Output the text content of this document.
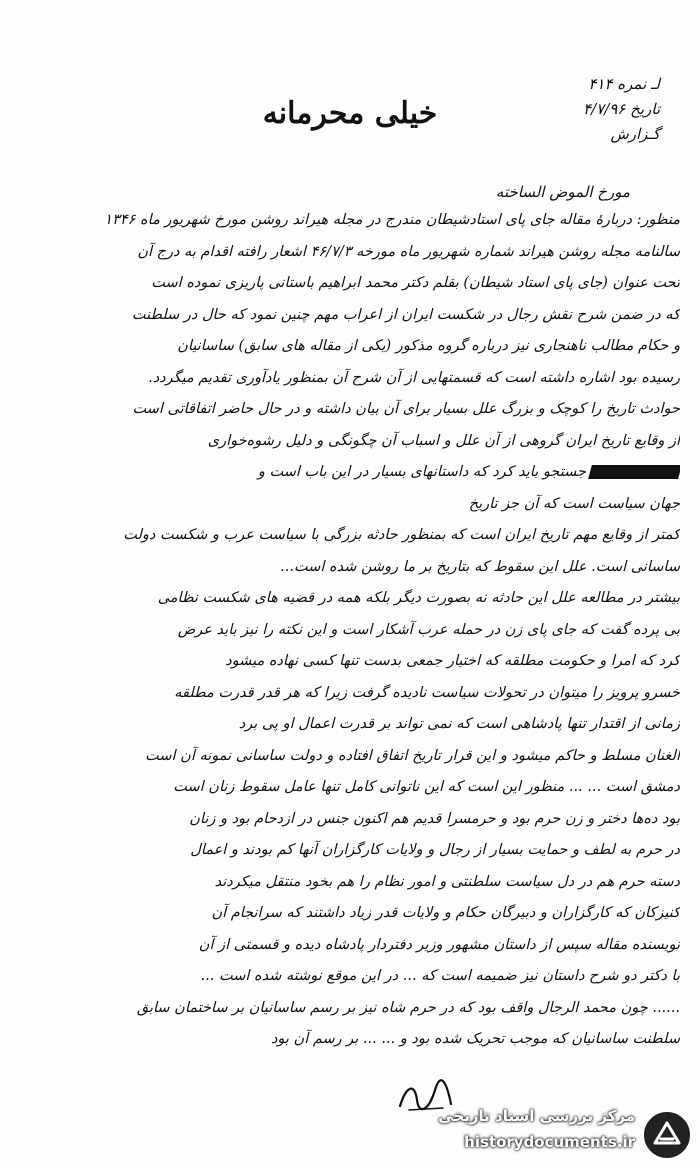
لـ نمره ۴۱۴
تاریخ ۴/۷/۹۶
گـزارش
خیلی محرمانه
مورخ الموض الساخته
منظور: دربارهٔ مقاله جای پای استادشیطان مندرج در مجله هیراند روشن مورخ شهریور ماه ۱۳۴۶
سالنامه مجله روشن هیراند شماره شهریور ماه مورخه ۴۶/۷/۳ اشعار رافته اقدام به درج آن
تحت عنوان (جای پای استاد شیطان) بقلم دکتر محمد ابراهیم باستانی پاریزی نموده است
که در ضمن شرح نقش رجال در شکست ایران از اعراب مهم چنین نمود که حال در سلطنت
و حکام مطالب ناهنجاری نیز درباره گروه مذکور (یکی از مقاله های سابق) ساسانیان
رسیده بود اشاره داشته است که قسمتهایی از آن شرح آن بمنظور یادآوری تقدیم میگردد.
حوادث تاریخ را کوچک و بزرگ علل بسیار برای آن بیان داشته و در حال حاضر اتفاقاتی است
از وقایع تاریخ ایران گروهی از آن علل و اسباب آن چگونگی و دلیل رشوه‌خواری
جستجو باید کرد که داستانهای بسیار در این باب است و
جهان سیاست است که آن جز تاریخ
کمتر از وقایع مهم تاریخ ایران است که بمنظور حادثه بزرگی با سیاست عرب و شکست دولت
ساسانی است. علل این سقوط که بتاریخ بر ما روشن شده است...
بیشتر در مطالعه علل این حادثه نه بصورت دیگر بلکه همه در قضیه های شکست نظامی
بی پرده گفت که جای پای زن در حمله عرب آشکار است و این نکته را نیز باید عرض
کرد که امرا و حکومت مطلقه که اختیار جمعی بدست تنها کسی نهاده میشود
خسرو پرویز را میتوان در تحولات سیاست نادیده گرفت زیرا که هر قدر قدرت مطلقه
زمانی از اقتدار تنها پادشاهی است که نمی تواند بر قدرت اعمال او پی برد
الغنان مسلط و حاکم میشود و این قرار تاریخ اتفاق افتاده و دولت ساسانی نمونه آن است
دمشق است ... ... منظور این است که این ناتوانی کامل تنها عامل سقوط زنان است
بود ده‌ها دختر و زن حرم بود و حرمسرا قدیم هم اکنون جنس در ازدحام بود و زنان
در حرم به لطف و حمایت بسیار از رجال و ولایات کارگزاران آنها کم بودند و اعمال
دسته حرم هم در دل سیاست سلطنتی و امور نظام را هم بخود منتقل میکردند
کنیزکان که کارگزاران و دبیرگان حکام و ولایات قدر زیاد داشتند که سرانجام آن
نویسنده مقاله سپس از داستان مشهور وزیر دفتردار پادشاه دیده و قسمتی از آن
با دکتر دو شرح داستان نیز ضمیمه است که ... در این موقع نوشته شده است ...
...... چون محمد الرجال واقف بود که در حرم شاه نیز بر رسم ساسانیان بر ساختمان سابق
سلطنت ساسانیان که موجب تحریک شده بود و ... ... بر رسم آن بود
مرکز بررسی اسناد تاریخی
historydocuments.ir
